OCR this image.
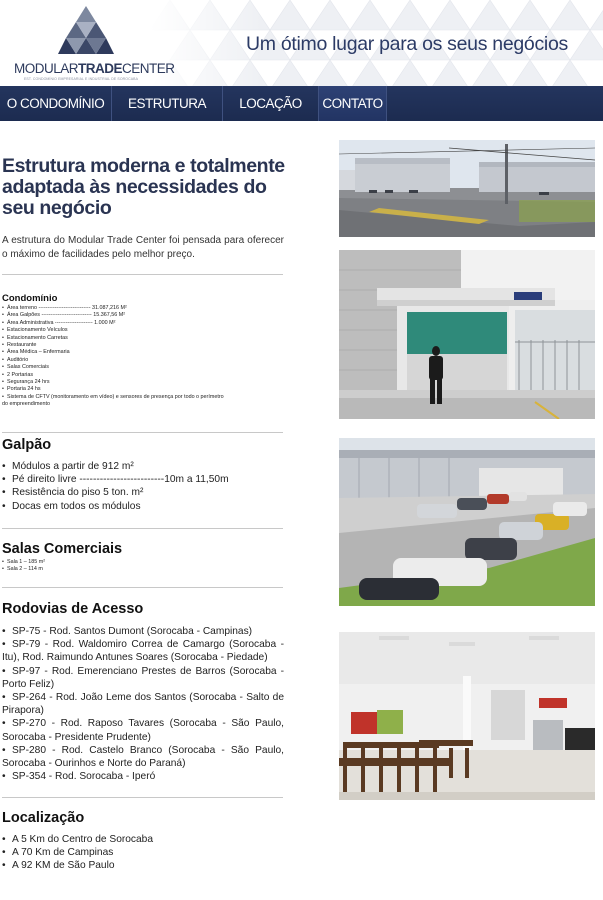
MODULARTRADECENTER
EST. CONDOMÍNIO EMPRESARIAL E INDUSTRIAL DE SOROCABA
Um ótimo lugar para os seus negócios
O CONDOMÍNIO	ESTRUTURA	LOCAÇÃO	CONTATO
Estrutura moderna e totalmente adaptada às necessidades do seu negócio
A estrutura do Modular Trade Center foi pensada para oferecer o máximo de facilidades pelo melhor preço.
Condomínio
• Área terreno ----------------------------- 31.087,216 M²
• Área Galpões ---------------------------- 15.367,56 M²
• Área Administrativa --------------------- 1.000 M²
• Estacionamento Veículos
• Estacionamento Carretas
• Restaurante
• Área Médica – Enfermaria
• Auditório
• Salas Comerciais
• 2 Portarias
• Segurança 24 hrs
• Portaria 24 hs
• Sistema de CFTV (monitoramento em vídeo) e sensores de presença por todo o perímetro do empreendimento
Galpão
• Módulos a partir de 912 m²
• Pé direito livre -------------------------10m a 11,50m
• Resistência do piso 5 ton. m²
• Docas em todos os módulos
Salas Comerciais
• Sala 1 – 185 m²
• Sala 2 – 114 m
Rodovias de Acesso
• SP-75 - Rod. Santos Dumont (Sorocaba - Campinas)
• SP-79 - Rod. Waldomiro Correa de Camargo (Sorocaba - Itu), Rod. Raimundo Antunes Soares (Sorocaba - Piedade)
• SP-97 - Rod. Emerenciano Prestes de Barros (Sorocaba - Porto Feliz)
• SP-264 - Rod. João Leme dos Santos (Sorocaba - Salto de Pirapora)
• SP-270 - Rod. Raposo Tavares (Sorocaba - São Paulo, Sorocaba - Presidente Prudente)
• SP-280 - Rod. Castelo Branco (Sorocaba - São Paulo, Sorocaba - Ourinhos e Norte do Paraná)
• SP-354 - Rod. Sorocaba - Iperó
Localização
• A 5 Km do Centro de Sorocaba
• A 70 Km de Campinas
• A 92 KM de São Paulo
